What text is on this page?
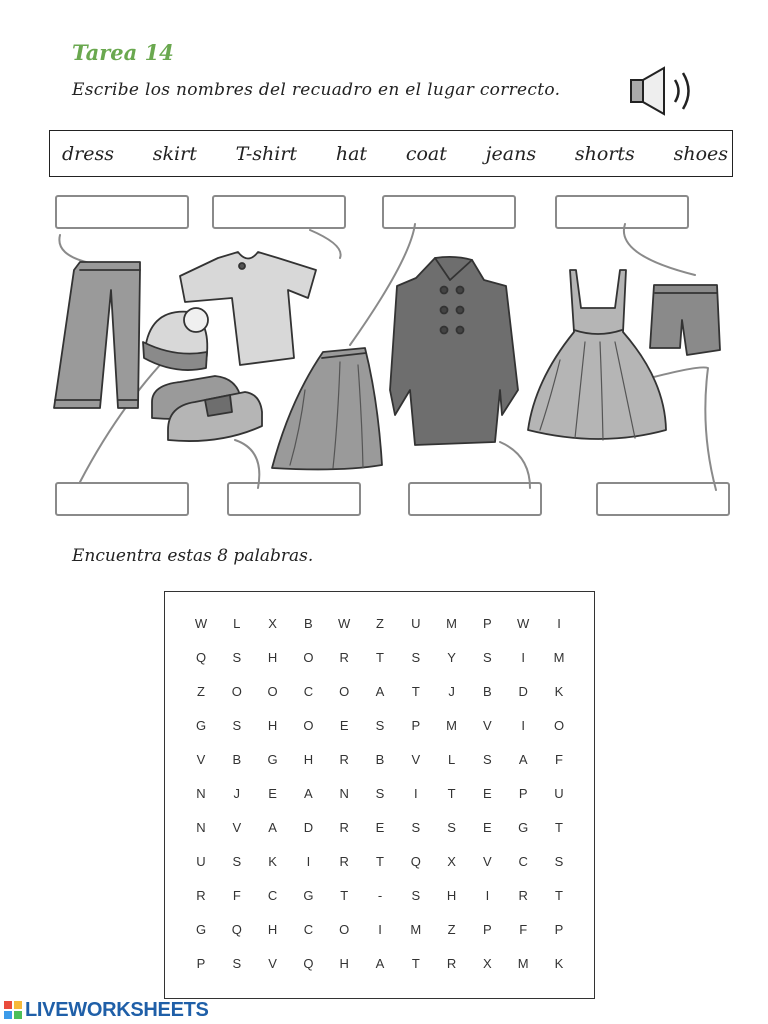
Tarea 14
Escribe los nombres del recuadro en el lugar correcto.
dress skirt T-shirt hat coat jeans shorts shoes
Encuentra estas 8 palabras.
W	L	X	B	W	Z	U	M	P	W	I
Q	S	H	O	R	T	S	Y	S	I	M
Z	O	O	C	O	A	T	J	B	D	K
G	S	H	O	E	S	P	M	V	I	O
V	B	G	H	R	B	V	L	S	A	F
N	J	E	A	N	S	I	T	E	P	U
N	V	A	D	R	E	S	S	E	G	T
U	S	K	I	R	T	Q	X	V	C	S
R	F	C	G	T	-	S	H	I	R	T
G	Q	H	C	O	I	M	Z	P	F	P
P	S	V	Q	H	A	T	R	X	M	K
LIVEWORKSHEETS
